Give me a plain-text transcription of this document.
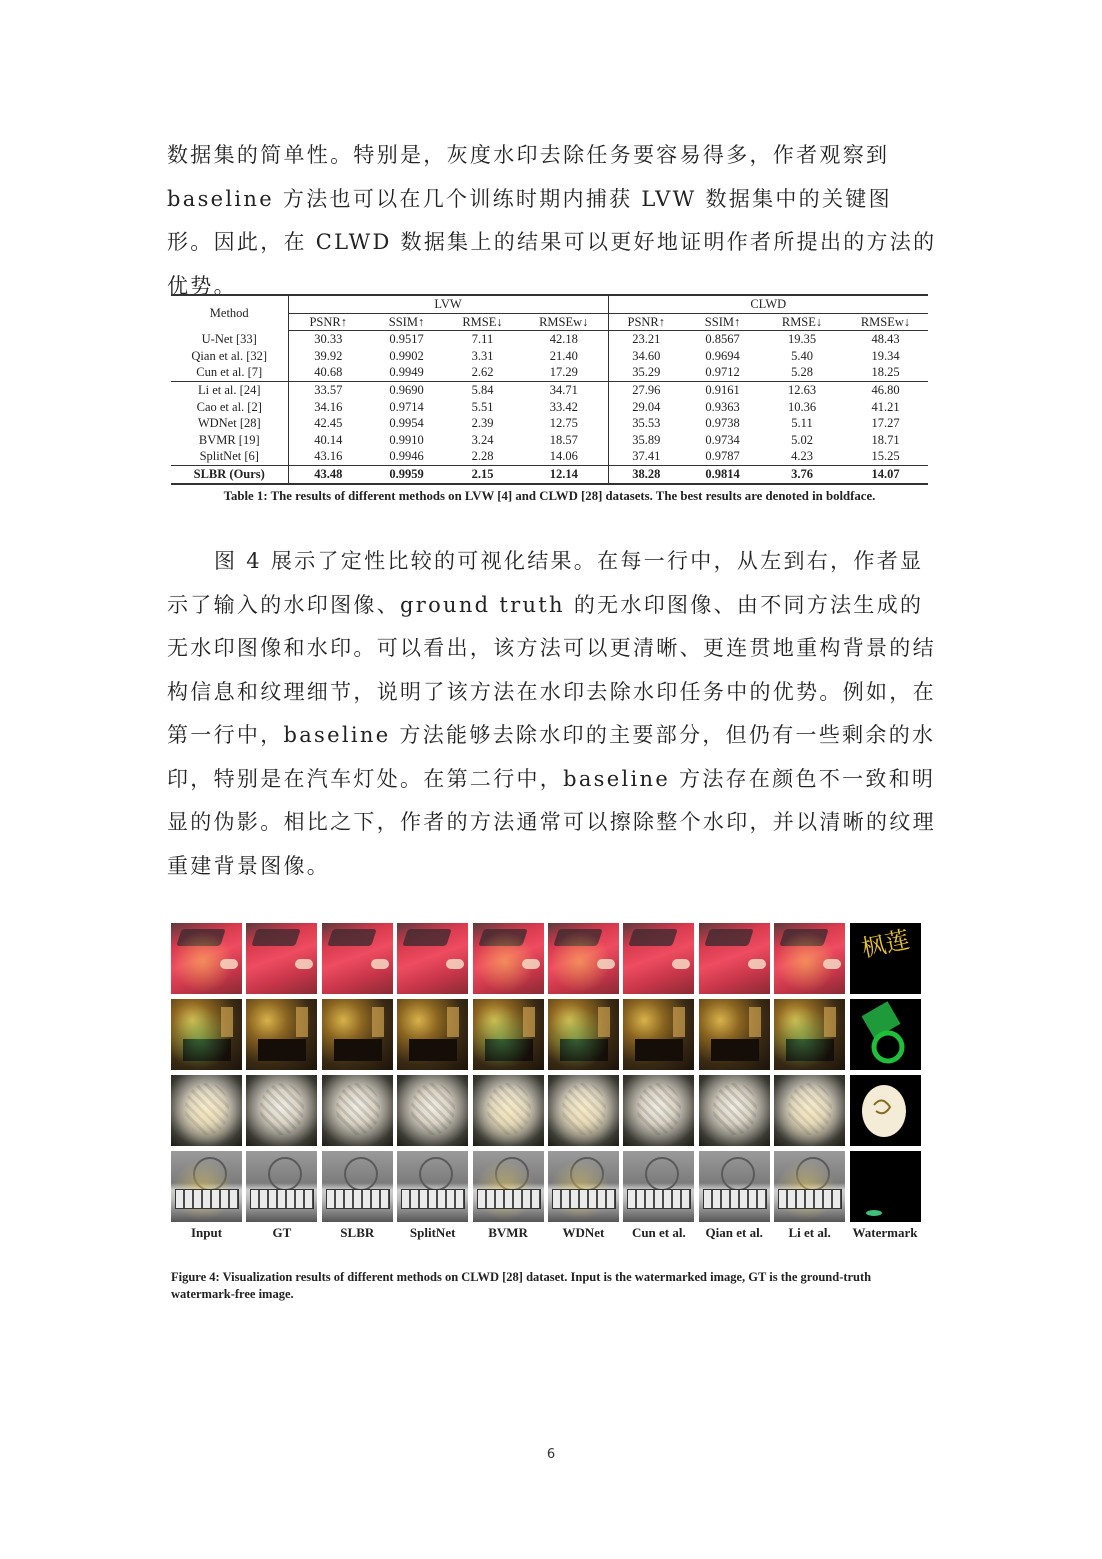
数据集的简单性。特别是，灰度水印去除任务要容易得多，作者观察到 baseline 方法也可以在几个训练时期内捕获 LVW 数据集中的关键图形。因此，在 CLWD 数据集上的结果可以更好地证明作者所提出的方法的优势。
Method	LVW				CLWD			
	PSNR↑	SSIM↑	RMSE↓	RMSEw↓	PSNR↑	SSIM↑	RMSE↓	RMSEw↓
U-Net [33]	30.33	0.9517	7.11	42.18	23.21	0.8567	19.35	48.43
Qian et al. [32]	39.92	0.9902	3.31	21.40	34.60	0.9694	5.40	19.34
Cun et al. [7]	40.68	0.9949	2.62	17.29	35.29	0.9712	5.28	18.25
Li et al. [24]	33.57	0.9690	5.84	34.71	27.96	0.9161	12.63	46.80
Cao et al. [2]	34.16	0.9714	5.51	33.42	29.04	0.9363	10.36	41.21
WDNet [28]	42.45	0.9954	2.39	12.75	35.53	0.9738	5.11	17.27
BVMR [19]	40.14	0.9910	3.24	18.57	35.89	0.9734	5.02	18.71
SplitNet [6]	43.16	0.9946	2.28	14.06	37.41	0.9787	4.23	15.25
SLBR (Ours)	43.48	0.9959	2.15	12.14	38.28	0.9814	3.76	14.07
Table 1: The results of different methods on LVW [4] and CLWD [28] datasets. The best results are denoted in boldface.
图 4 展示了定性比较的可视化结果。在每一行中，从左到右，作者显示了输入的水印图像、ground truth 的无水印图像、由不同方法生成的无水印图像和水印。可以看出，该方法可以更清晰、更连贯地重构背景的结构信息和纹理细节，说明了该方法在水印去除水印任务中的优势。例如，在第一行中，baseline 方法能够去除水印的主要部分，但仍有一些剩余的水印，特别是在汽车灯处。在第二行中，baseline 方法存在颜色不一致和明显的伪影。相比之下，作者的方法通常可以擦除整个水印，并以清晰的纹理重建背景图像。
枫莲
Input	GT	SLBR	SplitNet	BVMR	WDNet	Cun et al.	Qian et al.	Li et al.	Watermark
Figure 4: Visualization results of different methods on CLWD [28] dataset. Input is the watermarked image, GT is the ground-truth watermark-free image.
6
